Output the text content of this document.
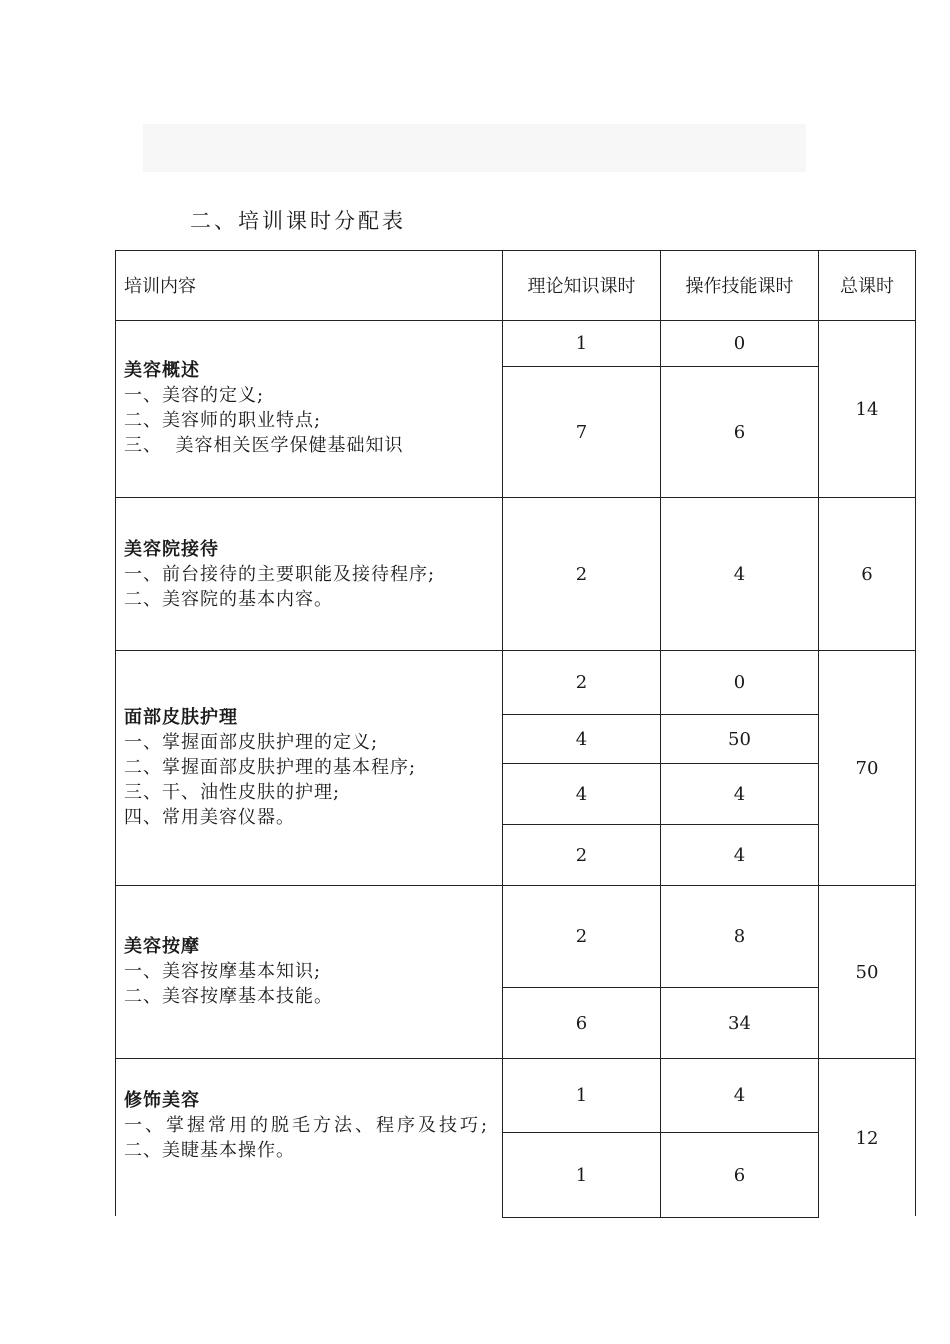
二、培训课时分配表
培训内容	理论知识课时	操作技能课时	总课时
美容概述
一、美容的定义;
二、美容师的职业特点;
三、  美容相关医学保健基础知识
1	0
7	6
14
美容院接待
一、前台接待的主要职能及接待程序;
二、美容院的基本内容。
2	4	6
面部皮肤护理
一、掌握面部皮肤护理的定义;
二、掌握面部皮肤护理的基本程序;
三、干、油性皮肤的护理;
四、常用美容仪器。
2	0
4	50
4	4
2	4
70
美容按摩
一、美容按摩基本知识;
二、美容按摩基本技能。
2	8
6	34
50
修饰美容
一、掌握常用的脱毛方法、程序及技巧;
二、美睫基本操作。
1	4
1	6
12
